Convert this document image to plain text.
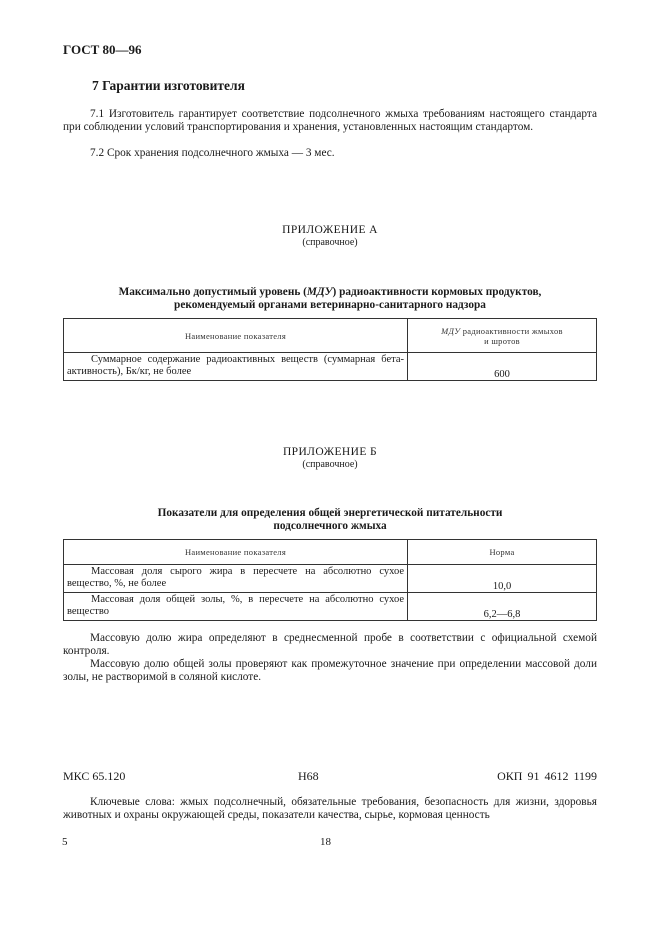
ГОСТ 80—96
7 Гарантии изготовителя
7.1 Изготовитель гарантирует соответствие подсолнечного жмыха требованиям настоящего стандарта при соблюдении условий транспортирования и хранения, установленных настоящим стандартом.
7.2 Срок хранения подсолнечного жмыха — 3 мес.
ПРИЛОЖЕНИЕ А
(справочное)
Максимально допустимый уровень (МДУ) радиоактивности кормовых продуктов,
рекомендуемый органами ветеринарно-санитарного надзора
Наименование показателя	МДУ радиоактивности жмыхов
и шротов
Суммарное содержание радиоактивных веществ (суммарная бета-активность), Бк/кг, не более	600
ПРИЛОЖЕНИЕ Б
(справочное)
Показатели для определения общей энергетической питательности
подсолнечного жмыха
Наименование показателя	Норма
Массовая доля сырого жира в пересчете на абсолютно сухое вещество, %, не более	10,0
Массовая доля общей золы, %, в пересчете на абсолютно сухое вещество	6,2—6,8
Массовую долю жира определяют в среднесменной пробе в соответствии с официальной схемой контроля.
Массовую долю общей золы проверяют как промежуточное значение при определении массовой доли золы, не растворимой в соляной кислоте.
МКС 65.120	Н68	ОКП 91 4612 1199
Ключевые слова: жмых подсолнечный, обязательные требования, безопасность для жизни, здоровья животных и охраны окружающей среды, показатели качества, сырье, кормовая ценность
5	18
